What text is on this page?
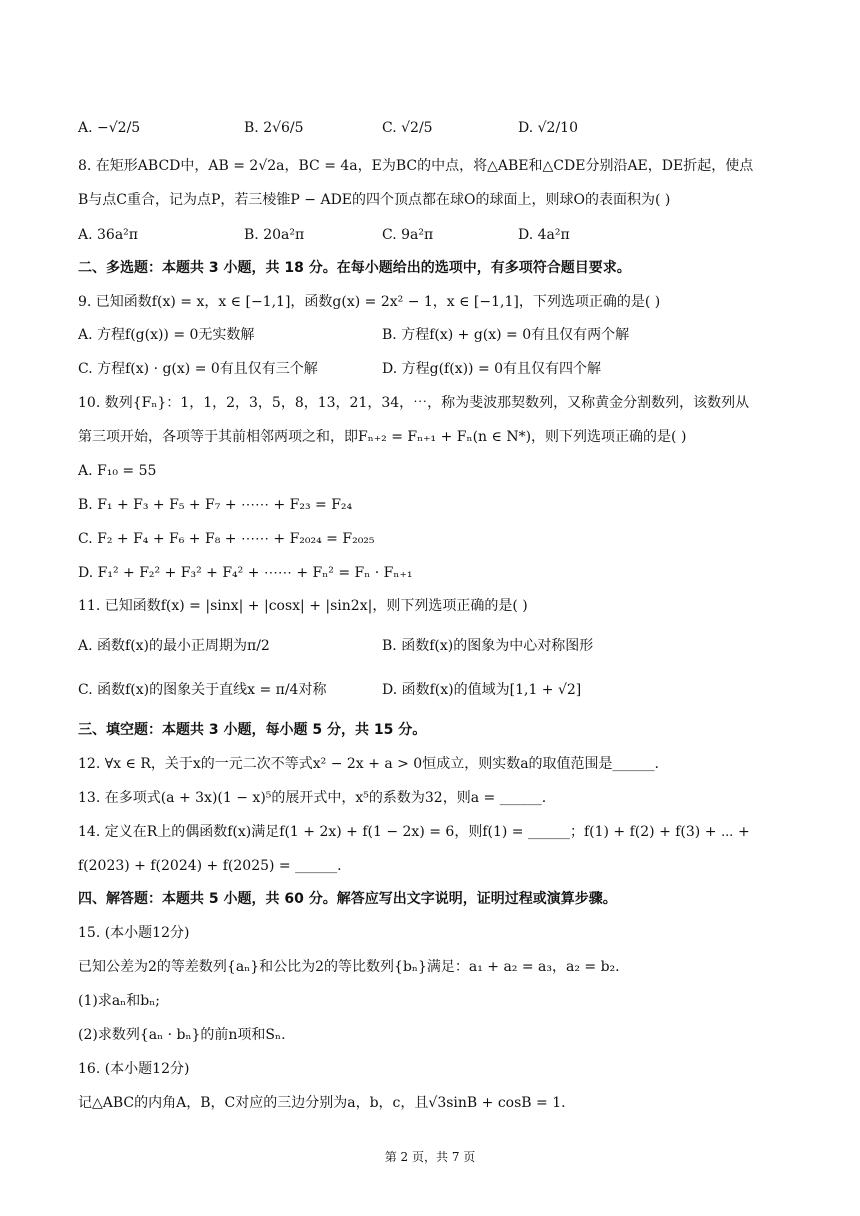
A. −√2/5	B. 2√6/5	C. √2/5	D. √2/10
8. 在矩形ABCD中，AB = 2√2a，BC = 4a，E为BC的中点，将△ABE和△CDE分别沿AE，DE折起，使点
B与点C重合，记为点P，若三棱锥P − ADE的四个顶点都在球O的球面上，则球O的表面积为( )
A. 36a²π	B. 20a²π	C. 9a²π	D. 4a²π
二、多选题：本题共 3 小题，共 18 分。在每小题给出的选项中，有多项符合题目要求。
9. 已知函数f(x) = x，x ∈ [−1,1]，函数g(x) = 2x² − 1，x ∈ [−1,1]，下列选项正确的是( )
A. 方程f(g(x)) = 0无实数解	B. 方程f(x) + g(x) = 0有且仅有两个解
C. 方程f(x) · g(x) = 0有且仅有三个解	D. 方程g(f(x)) = 0有且仅有四个解
10. 数列{Fₙ}：1，1，2，3，5，8，13，21，34，⋯，称为斐波那契数列，又称黄金分割数列，该数列从
第三项开始，各项等于其前相邻两项之和，即Fₙ₊₂ = Fₙ₊₁ + Fₙ(n ∈ N*)，则下列选项正确的是( )
A. F₁₀ = 55
B. F₁ + F₃ + F₅ + F₇ + ⋯⋯ + F₂₃ = F₂₄
C. F₂ + F₄ + F₆ + F₈ + ⋯⋯ + F₂₀₂₄ = F₂₀₂₅
D. F₁² + F₂² + F₃² + F₄² + ⋯⋯ + Fₙ² = Fₙ · Fₙ₊₁
11. 已知函数f(x) = |sinx| + |cosx| + |sin2x|，则下列选项正确的是( )
A. 函数f(x)的最小正周期为π/2	B. 函数f(x)的图象为中心对称图形
C. 函数f(x)的图象关于直线x = π/4对称	D. 函数f(x)的值域为[1,1 + √2]
三、填空题：本题共 3 小题，每小题 5 分，共 15 分。
12. ∀x ∈ R，关于x的一元二次不等式x² − 2x + a > 0恒成立，则实数a的取值范围是______.
13. 在多项式(a + 3x)(1 − x)⁵的展开式中，x⁵的系数为32，则a = ______.
14. 定义在R上的偶函数f(x)满足f(1 + 2x) + f(1 − 2x) = 6，则f(1) = ______；f(1) + f(2) + f(3) + ⋯ +
f(2023) + f(2024) + f(2025) = ______.
四、解答题：本题共 5 小题，共 60 分。解答应写出文字说明，证明过程或演算步骤。
15. (本小题12分)
已知公差为2的等差数列{aₙ}和公比为2的等比数列{bₙ}满足：a₁ + a₂ = a₃，a₂ = b₂.
(1)求aₙ和bₙ;
(2)求数列{aₙ · bₙ}的前n项和Sₙ.
16. (本小题12分)
记△ABC的内角A，B，C对应的三边分别为a，b，c，且√3sinB + cosB = 1.
第 2 页，共 7 页
